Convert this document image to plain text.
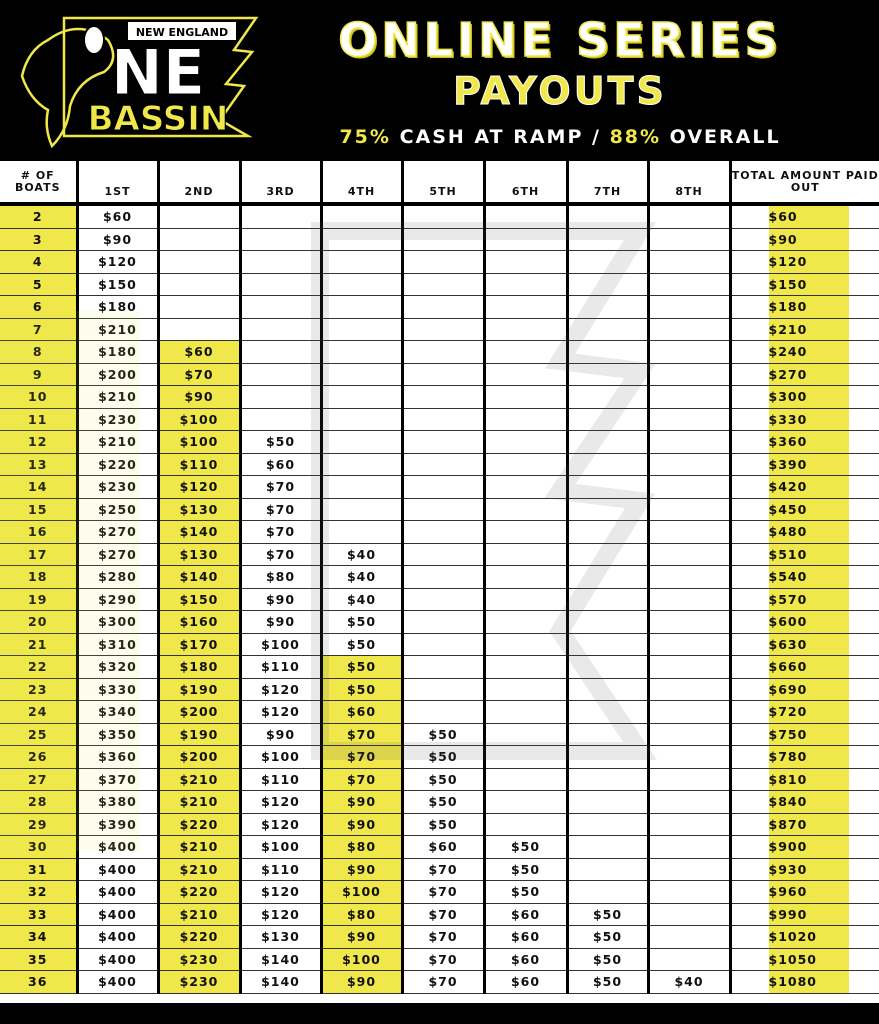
NEW ENGLAND
NE
BASSIN
ONLINE SERIES
PAYOUTS
75% CASH AT RAMP / 88% OVERALL
# OF BOATS	1ST	2ND	3RD	4TH	5TH	6TH	7TH	8TH	TOTAL AMOUNT PAID OUT
2	$60								$60
3	$90								$90
4	$120								$120
5	$150								$150
6	$180								$180
7	$210								$210
8	$180	$60							$240
9	$200	$70							$270
10	$210	$90							$300
11	$230	$100							$330
12	$210	$100	$50						$360
13	$220	$110	$60						$390
14	$230	$120	$70						$420
15	$250	$130	$70						$450
16	$270	$140	$70						$480
17	$270	$130	$70	$40					$510
18	$280	$140	$80	$40					$540
19	$290	$150	$90	$40					$570
20	$300	$160	$90	$50					$600
21	$310	$170	$100	$50					$630
22	$320	$180	$110	$50					$660
23	$330	$190	$120	$50					$690
24	$340	$200	$120	$60					$720
25	$350	$190	$90	$70	$50				$750
26	$360	$200	$100	$70	$50				$780
27	$370	$210	$110	$70	$50				$810
28	$380	$210	$120	$90	$50				$840
29	$390	$220	$120	$90	$50				$870
30	$400	$210	$100	$80	$60	$50			$900
31	$400	$210	$110	$90	$70	$50			$930
32	$400	$220	$120	$100	$70	$50			$960
33	$400	$210	$120	$80	$70	$60	$50		$990
34	$400	$220	$130	$90	$70	$60	$50		$1020
35	$400	$230	$140	$100	$70	$60	$50		$1050
36	$400	$230	$140	$90	$70	$60	$50	$40	$1080
